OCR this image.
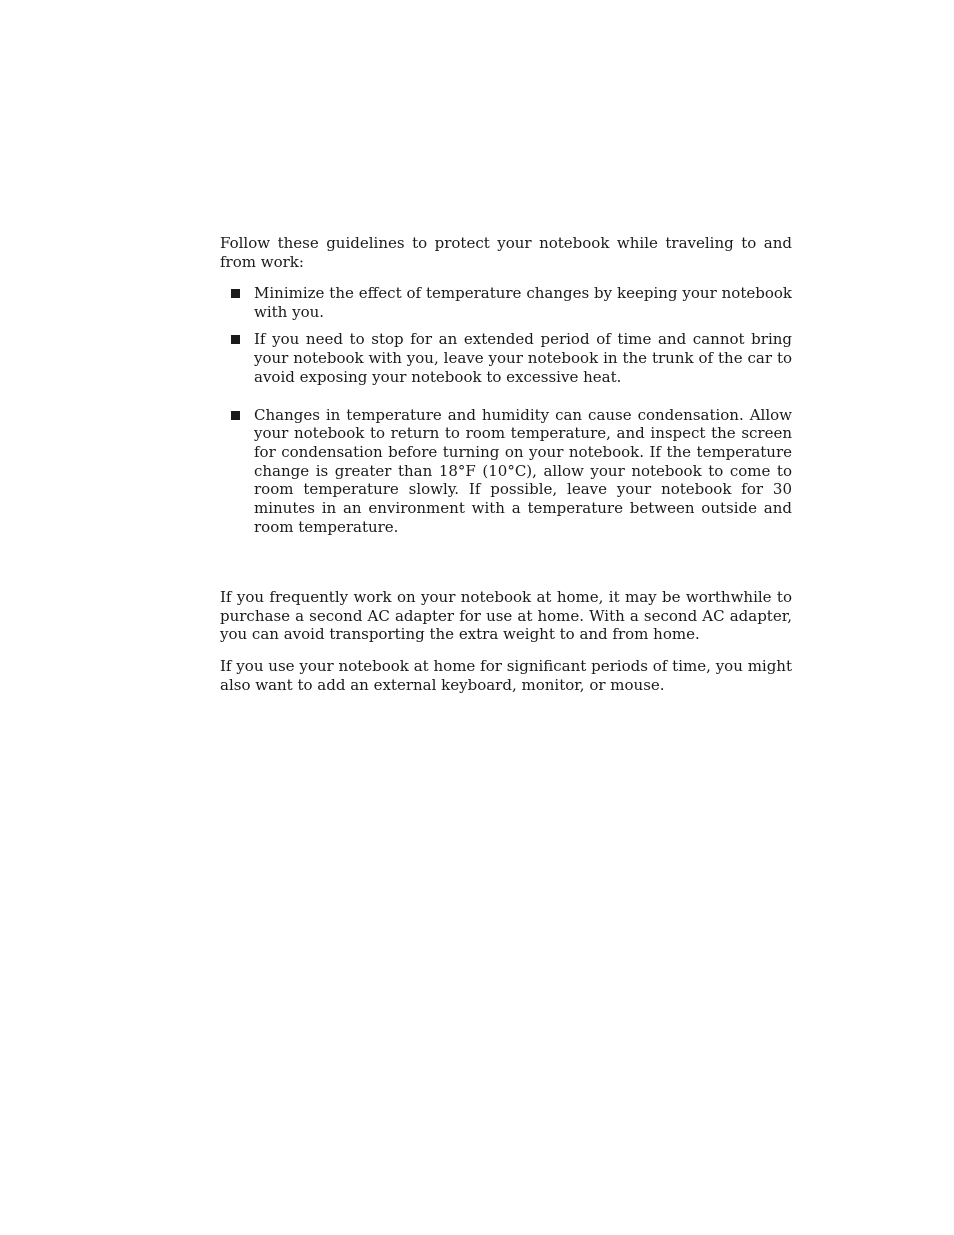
Follow these guidelines to protect your notebook while traveling to and from work:

Minimize the effect of temperature changes by keeping your notebook with you.
If you need to stop for an extended period of time and cannot bring your notebook with you, leave your notebook in the trunk of the car to avoid exposing your notebook to excessive heat.
Changes in temperature and humidity can cause condensation. Allow your notebook to return to room temperature, and inspect the screen for condensation before turning on your notebook. If the temperature change is greater than 18°F (10°C), allow your notebook to come to room temperature slowly. If possible, leave your notebook for 30 minutes in an environment with a temperature between outside and room temperature.

If you frequently work on your notebook at home, it may be worthwhile to purchase a second AC adapter for use at home. With a second AC adapter, you can avoid transporting the extra weight to and from home.

If you use your notebook at home for significant periods of time, you might also want to add an external keyboard, monitor, or mouse.
